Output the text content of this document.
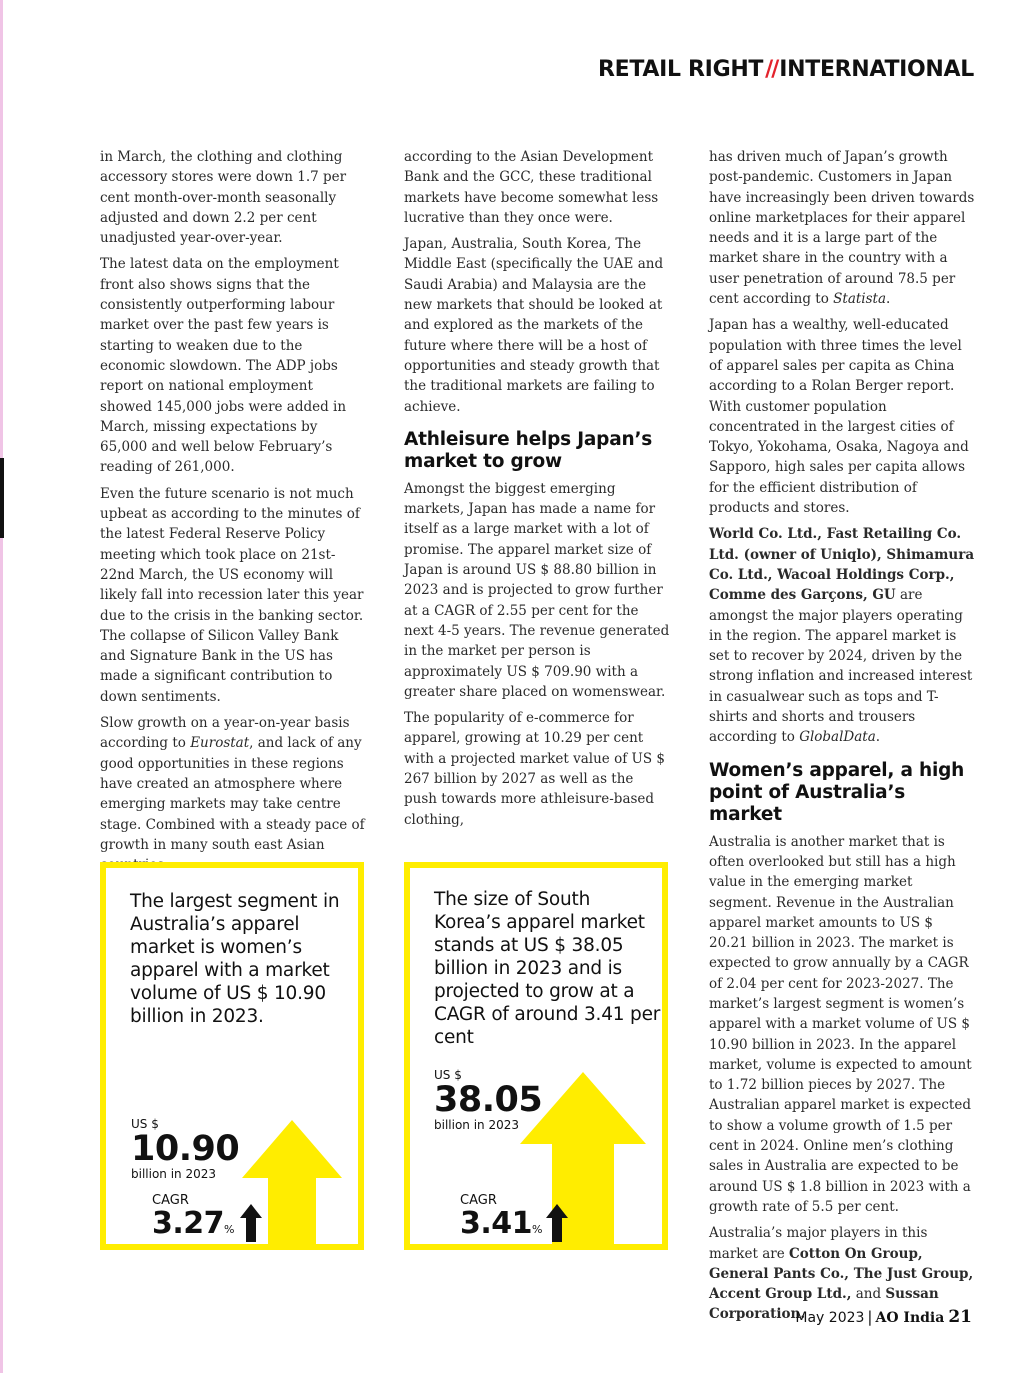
RETAIL RIGHT//INTERNATIONAL

in March, the clothing and clothing accessory stores were down 1.7 per cent month-over-month seasonally adjusted and down 2.2 per cent unadjusted year-over-year.

The latest data on the employment front also shows signs that the consistently outperforming labour market over the past few years is starting to weaken due to the economic slowdown. The ADP jobs report on national employment showed 145,000 jobs were added in March, missing expectations by 65,000 and well below February’s reading of 261,000.

Even the future scenario is not much upbeat as according to the minutes of the latest Federal Reserve Policy meeting which took place on 21st-22nd March, the US economy will likely fall into recession later this year due to the crisis in the banking sector. The collapse of Silicon Valley Bank and Signature Bank in the US has made a significant contribution to down sentiments.

Slow growth on a year-on-year basis according to Eurostat, and lack of any good opportunities in these regions have created an atmosphere where emerging markets may take centre stage. Combined with a steady pace of growth in many south east Asian

according to the Asian Development Bank and the GCC, these traditional markets have become somewhat less lucrative than they once were.

Japan, Australia, South Korea, The Middle East (specifically the UAE and Saudi Arabia) and Malaysia are the new markets that should be looked at and explored as the markets of the future where there will be a host of opportunities and steady growth that the traditional markets are failing to achieve.

Athleisure helps Japan’s market to grow

Amongst the biggest emerging markets, Japan has made a name for itself as a large market with a lot of promise. The apparel market size of Japan is around US $ 88.80 billion in 2023 and is projected to grow further at a CAGR of 2.55 per cent for the next 4-5 years. The revenue generated in the market per person is approximately US $ 709.90 with a greater share placed on womenswear.

The popularity of e-commerce for apparel, growing at 10.29 per cent with a projected market value of US $ 267 billion by 2027 as well as the push towards more athleisure-based clothing,

has driven much of Japan’s growth post-pandemic. Customers in Japan have increasingly been driven towards online marketplaces for their apparel needs and it is a large part of the market share in the country with a user penetration of around 78.5 per cent according to Statista.

Japan has a wealthy, well-educated population with three times the level of apparel sales per capita as China according to a Rolan Berger report. With customer population concentrated in the largest cities of Tokyo, Yokohama, Osaka, Nagoya and Sapporo, high sales per capita allows for the efficient distribution of products and stores.

World Co. Ltd., Fast Retailing Co. Ltd. (owner of Uniqlo), Shimamura Co. Ltd., Wacoal Holdings Corp., Comme des Garçons, GU are amongst the major players operating in the region. The apparel market is set to recover by 2024, driven by the strong inflation and increased interest in casualwear such as tops and T-shirts and shorts and trousers according to GlobalData.

Women’s apparel, a high point of Australia’s market

Australia is another market that is often overlooked but still has a high value in the emerging market segment. Revenue in the Australian apparel market amounts to US $ 20.21 billion in 2023. The market is expected to grow annually by a CAGR of 2.04 per cent for 2023-2027. The market’s largest segment is women’s apparel with a market volume of US $ 10.90 billion in 2023. In the apparel market, volume is expected to amount to 1.72 billion pieces by 2027. The Australian apparel market is expected to show a volume growth of 1.5 per cent in 2024. Online men’s clothing sales in Australia are expected to be around US $ 1.8 billion in 2023 with a growth rate of 5.5 per cent.

Australia’s major players in this market are Cotton On Group, General Pants Co., The Just Group, Accent Group Ltd., and Sussan Corporation.

The largest segment in Australia’s apparel market is women’s apparel with a market volume of US $ 10.90 billion in 2023.
US $
10.90
billion in 2023
CAGR
3.27%
The size of South Korea’s apparel market stands at US $ 38.05 billion in 2023 and is projected to grow at a CAGR of around 3.41 per cent
US $
38.05
billion in 2023
CAGR
3.41%
May 2023 | AO India 21
